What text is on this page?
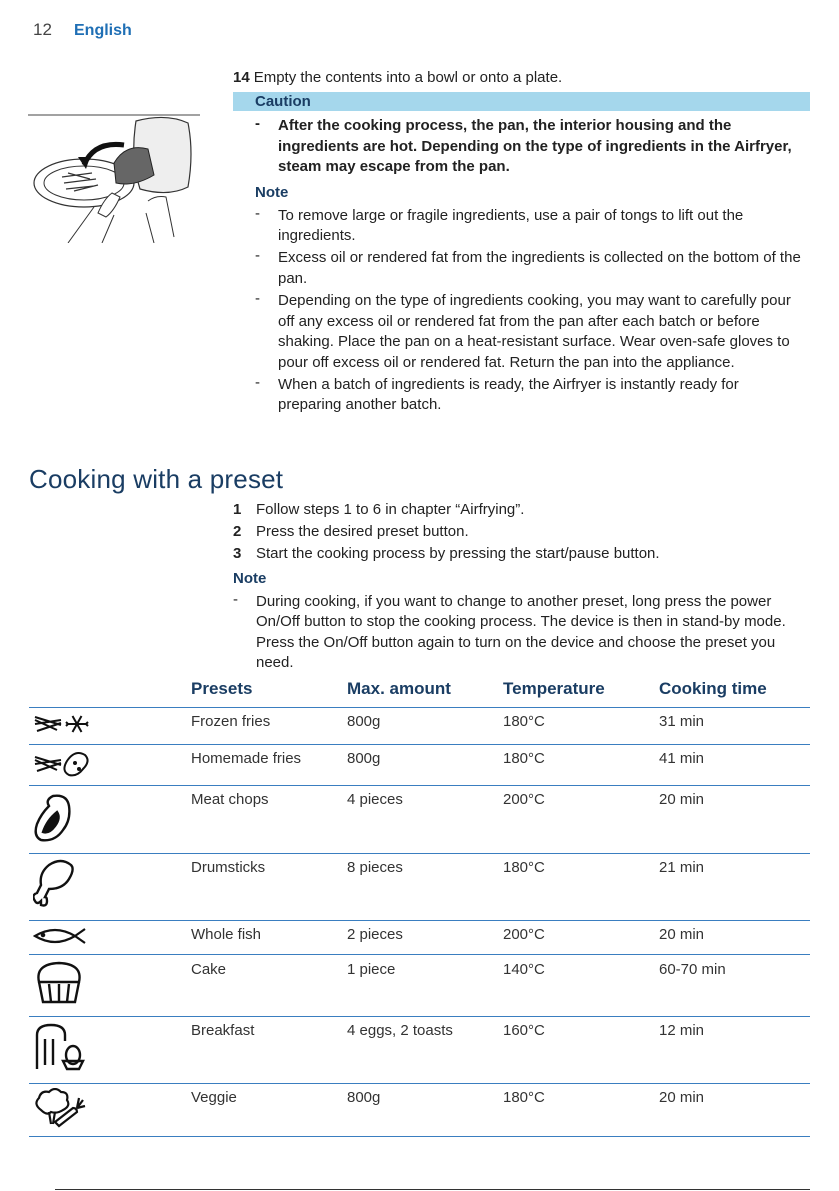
12 English
14 Empty the contents into a bowl or onto a plate.
Caution
- After the cooking process, the pan, the interior housing and the ingredients are hot. Depending on the type of ingredients in the Airfryer, steam may escape from the pan.
Note
- To remove large or fragile ingredients, use a pair of tongs to lift out the ingredients.
- Excess oil or rendered fat from the ingredients is collected on the bottom of the pan.
- Depending on the type of ingredients cooking, you may want to carefully pour off any excess oil or rendered fat from the pan after each batch or before shaking. Place the pan on a heat-resistant surface. Wear oven-safe gloves to pour off excess oil or rendered fat. Return the pan into the appliance.
- When a batch of ingredients is ready, the Airfryer is instantly ready for preparing another batch.
Cooking with a preset
1 Follow steps 1 to 6 in chapter “Airfrying”.
2 Press the desired preset button.
3 Start the cooking process by pressing the start/pause button.
Note
- During cooking, if you want to change to another preset, long press the power On/Off button to stop the cooking process. The device is then in stand-by mode. Press the On/Off button again to turn on the device and choose the preset you need.
Presets	Max. amount	Temperature	Cooking time
Frozen fries	800g	180°C	31 min
Homemade fries	800g	180°C	41 min
Meat chops	4 pieces	200°C	20 min
Drumsticks	8 pieces	180°C	21 min
Whole fish	2 pieces	200°C	20 min
Cake	1 piece	140°C	60-70 min
Breakfast	4 eggs, 2 toasts	160°C	12 min
Veggie	800g	180°C	20 min
